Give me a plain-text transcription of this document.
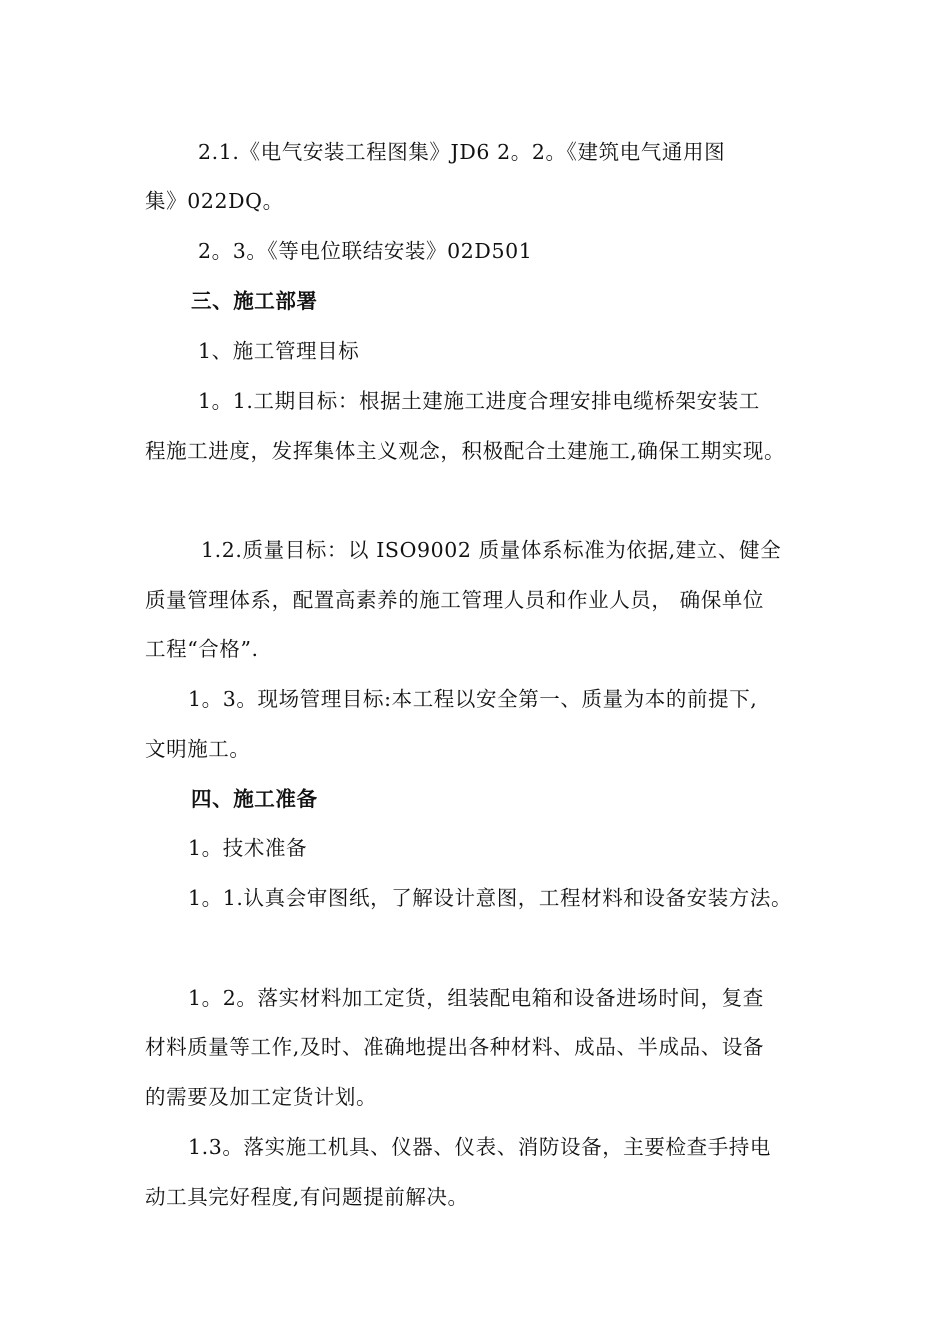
2.1.《电气安装工程图集》JD6 2。2。《建筑电气通用图
集》022DQ。
2。3。《等电位联结安装》02D501
三、施工部署
1、施工管理目标
1。1.工期目标：根据土建施工进度合理安排电缆桥架安装工
程施工进度，发挥集体主义观念，积极配合土建施工,确保工期实现。
1.2.质量目标：以 ISO9002 质量体系标准为依据,建立、健全
质量管理体系，配置高素养的施工管理人员和作业人员， 确保单位
工程“合格”.
1。3。现场管理目标:本工程以安全第一、质量为本的前提下,
文明施工。
四、施工准备
1。技术准备
1。1.认真会审图纸，了解设计意图，工程材料和设备安装方法。
1。2。落实材料加工定货，组装配电箱和设备进场时间，复查
材料质量等工作,及时、准确地提出各种材料、成品、半成品、设备
的需要及加工定货计划。
1.3。落实施工机具、仪器、仪表、消防设备，主要检查手持电
动工具完好程度,有问题提前解决。
